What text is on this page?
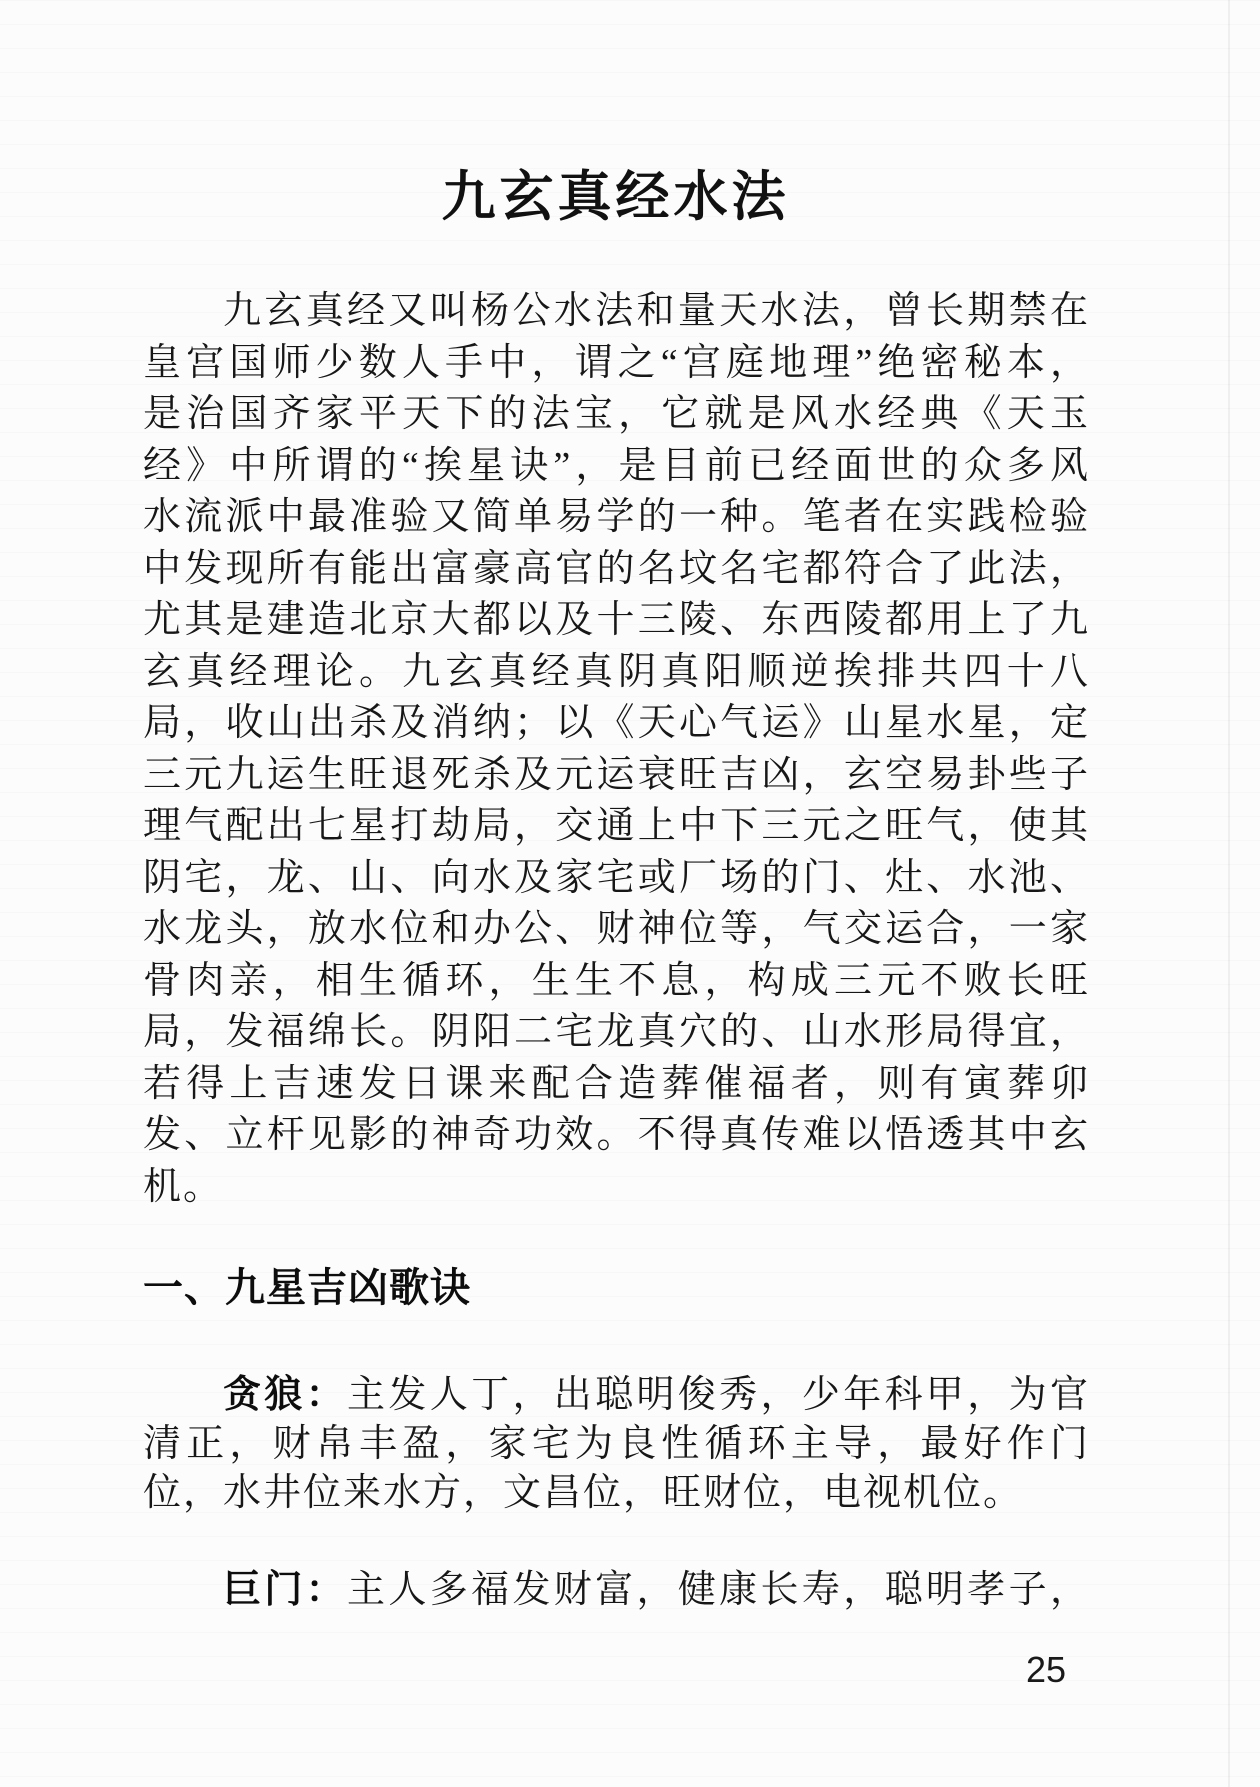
九玄真经水法
九玄真经又叫杨公水法和量天水法，曾长期禁在
皇宫国师少数人手中，谓之“宫庭地理”绝密秘本，
是治国齐家平天下的法宝，它就是风水经典《天玉
经》中所谓的“挨星诀”，是目前已经面世的众多风
水流派中最准验又简单易学的一种。笔者在实践检验
中发现所有能出富豪高官的名坟名宅都符合了此法，
尤其是建造北京大都以及十三陵、东西陵都用上了九
玄真经理论。九玄真经真阴真阳顺逆挨排共四十八
局，收山出杀及消纳；以《天心气运》山星水星，定
三元九运生旺退死杀及元运衰旺吉凶，玄空易卦些子
理气配出七星打劫局，交通上中下三元之旺气，使其
阴宅，龙、山、向水及家宅或厂场的门、灶、水池、
水龙头，放水位和办公、财神位等，气交运合，一家
骨肉亲，相生循环，生生不息，构成三元不败长旺
局，发福绵长。阴阳二宅龙真穴的、山水形局得宜，
若得上吉速发日课来配合造葬催福者，则有寅葬卯
发、立杆见影的神奇功效。不得真传难以悟透其中玄
机。
一、九星吉凶歌诀
贪狼：主发人丁，出聪明俊秀，少年科甲，为官
清正，财帛丰盈，家宅为良性循环主导，最好作门
位，水井位来水方，文昌位，旺财位，电视机位。
巨门：主人多福发财富，健康长寿，聪明孝子，
25
